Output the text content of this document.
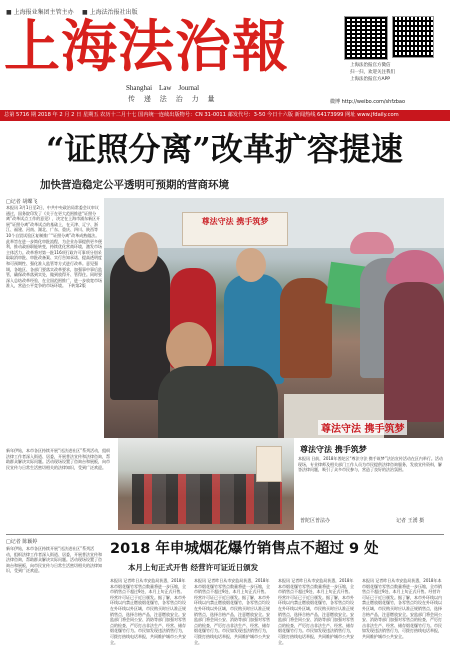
■ 上海报业集团主管主办 ■ 上海法治报社出版
上海法治報
Shanghai    Law    Journal
传    递    法    治    力    量
上海法治报官方微信
扫一扫，欢迎关注我们
上海法治报官方APP
微博 http://weibo.com/shfzbao
总第 5716 期 2018 年 2 月 2 日 星期五 农历十二月十七 国内统一连续出版物号：CN 31-0011 邮发代号：3-50 今日十六版 新闻热线 64173999 网址 www.jfdaily.com
“证照分离”改革扩容提速
加快营造稳定公平透明可预期的营商环境
□记者 胡蝶飞
本报讯 3月1日至2日，中共中央政治局常委会议审议通过，国务院印发了《关于在更大范围推进“证照分离”改革试点工作的意见》，决定在上海市浦东新区开展“证照分离”改革试点的基础上，在天津、辽宁、浙江、福建、河南、湖北、广东、重庆、四川、陕西等10个自贸试验区复制推广“证照分离”改革成熟做法。此举旨在进一步简化审批流程，为企业办事提供更多便利，推动政府职能转变，持续优化营商环境，激发市场主体活力。改革将对第一批116项行政许可事项分别采取取消审批、审批改备案、实行告知承诺、提高透明度和可预期性、强化准入监管等方式进行改革。意见强调，各地区、各部门要落实改革要求，加强事中事后监管，确保改革落到实处，做到放得开、管得住。同时要深入总结改革经验，在全国范围推广，进一步放宽市场准入，营造公平竞争的市场环境。 下转第2版
尊法守法 携手筑梦
尊法守法 携手筑梦
尊法守法 携手筑梦
本报讯 日前，2018年普陀区“尊法守法 携手筑梦”法治宣传活动在区内举行。活动现场，专业律师及相关部门工作人员为市民提供法律咨询服务，发放宣传资料，解答法律问题，吸引了众多市民参与，营造了良好的法治氛围。
普陀区普法办	记者 王湧 摄
新年伊始，本市各区持续开展“送法进社区”系列活动，组织法律工作者深入街道、居委，开展普法宣传和法律咨询，帮助群众解决实际问题。活动现场设置了咨询台和展板，向市民宣传与日常生活密切相关的法律知识，受到广泛欢迎。
2018 年申城烟花爆竹销售点不超过 9 处
本月上旬正式开售 经营许可证近日颁发
□记者 陈颖婷
新年伊始，本市各区持续开展“送法进社区”系列活动，组织法律工作者深入街道、居委，开展普法宣传和法律咨询，帮助群众解决实际问题。活动现场设置了咨询台和展板，向市民宣传与日常生活密切相关的法律知识，受到广泛欢迎。
本报讯 记者昨日从市安监局获悉，2018年本市烟花爆竹零售点数量将进一步压缩，全市销售点不超过9处，本月上旬正式开售。经营许可证已于近日颁发。据了解，本市外环线以内禁止燃放烟花爆竹，各零售点均设在外环线以外区域，市民购买时应认准正规销售点，选择合格产品，注意燃放安全。安监部门将会同公安、消防等部门加强对零售点的检查，严厉打击非法生产、经营、储存烟花爆竹行为。市民如发现违法销售行为，可拨打热线电话举报，共同维护城市公共安全。
本报讯 记者昨日从市安监局获悉，2018年本市烟花爆竹零售点数量将进一步压缩，全市销售点不超过9处，本月上旬正式开售。经营许可证已于近日颁发。据了解，本市外环线以内禁止燃放烟花爆竹，各零售点均设在外环线以外区域，市民购买时应认准正规销售点，选择合格产品，注意燃放安全。安监部门将会同公安、消防等部门加强对零售点的检查，严厉打击非法生产、经营、储存烟花爆竹行为。市民如发现违法销售行为，可拨打热线电话举报，共同维护城市公共安全。
本报讯 记者昨日从市安监局获悉，2018年本市烟花爆竹零售点数量将进一步压缩，全市销售点不超过9处，本月上旬正式开售。经营许可证已于近日颁发。据了解，本市外环线以内禁止燃放烟花爆竹，各零售点均设在外环线以外区域，市民购买时应认准正规销售点，选择合格产品，注意燃放安全。安监部门将会同公安、消防等部门加强对零售点的检查，严厉打击非法生产、经营、储存烟花爆竹行为。市民如发现违法销售行为，可拨打热线电话举报，共同维护城市公共安全。
本报讯 记者昨日从市安监局获悉，2018年本市烟花爆竹零售点数量将进一步压缩，全市销售点不超过9处，本月上旬正式开售。经营许可证已于近日颁发。据了解，本市外环线以内禁止燃放烟花爆竹，各零售点均设在外环线以外区域，市民购买时应认准正规销售点，选择合格产品，注意燃放安全。安监部门将会同公安、消防等部门加强对零售点的检查，严厉打击非法生产、经营、储存烟花爆竹行为。市民如发现违法销售行为，可拨打热线电话举报，共同维护城市公共安全。
